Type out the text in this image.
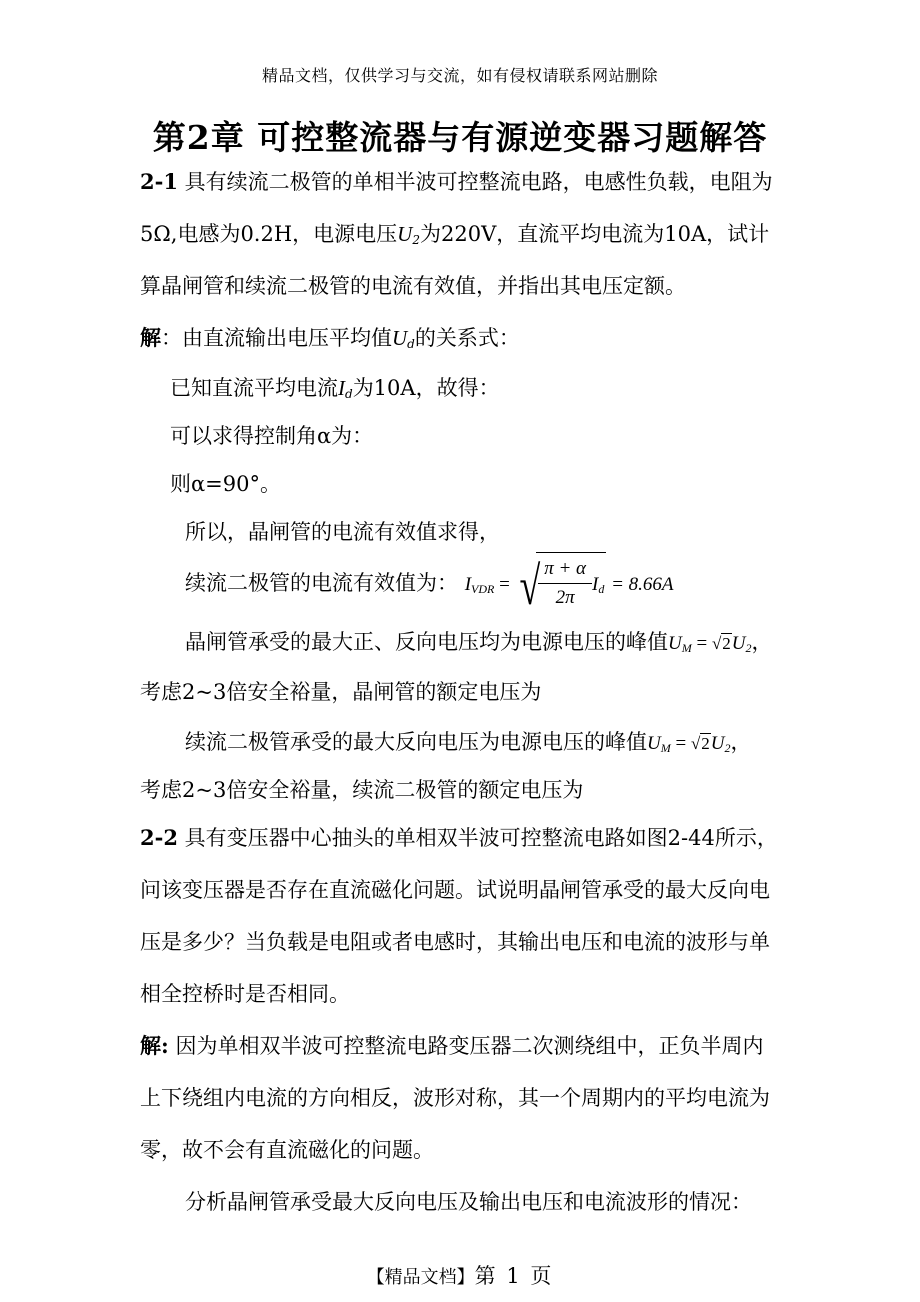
精品文档，仅供学习与交流，如有侵权请联系网站删除
第2章 可控整流器与有源逆变器习题解答
2-1 具有续流二极管的单相半波可控整流电路，电感性负载，电阻为
5Ω,电感为0.2H，电源电压$U_2$为220V，直流平均电流为10A，试计
算晶闸管和续流二极管的电流有效值，并指出其电压定额。
解：由直流输出电压平均值$U_d$的关系式：
已知直流平均电流$I_d$为10A，故得：
可以求得控制角α为：
则α=90°。
所以，晶闸管的电流有效值求得，
续流二极管的电流有效值为： $I_{VDR}$ = √
$\frac{\pi + \alpha}{2\pi} I_d = 8.66A$
晶闸管承受的最大正、反向电压均为电源电压的峰值$U_M = √2U_2$，
考虑2~3倍安全裕量，晶闸管的额定电压为
续流二极管承受的最大反向电压为电源电压的峰值$U_M = √2U_2$，
考虑2~3倍安全裕量，续流二极管的额定电压为
2-2 具有变压器中心抽头的单相双半波可控整流电路如图2-44所示，
问该变压器是否存在直流磁化问题。试说明晶闸管承受的最大反向电
压是多少？当负载是电阻或者电感时，其输出电压和电流的波形与单
相全控桥时是否相同。
解: 因为单相双半波可控整流电路变压器二次测绕组中，正负半周内
上下绕组内电流的方向相反，波形对称，其一个周期内的平均电流为
零，故不会有直流磁化的问题。
分析晶闸管承受最大反向电压及输出电压和电流波形的情况：
【精品文档】第 1 页
